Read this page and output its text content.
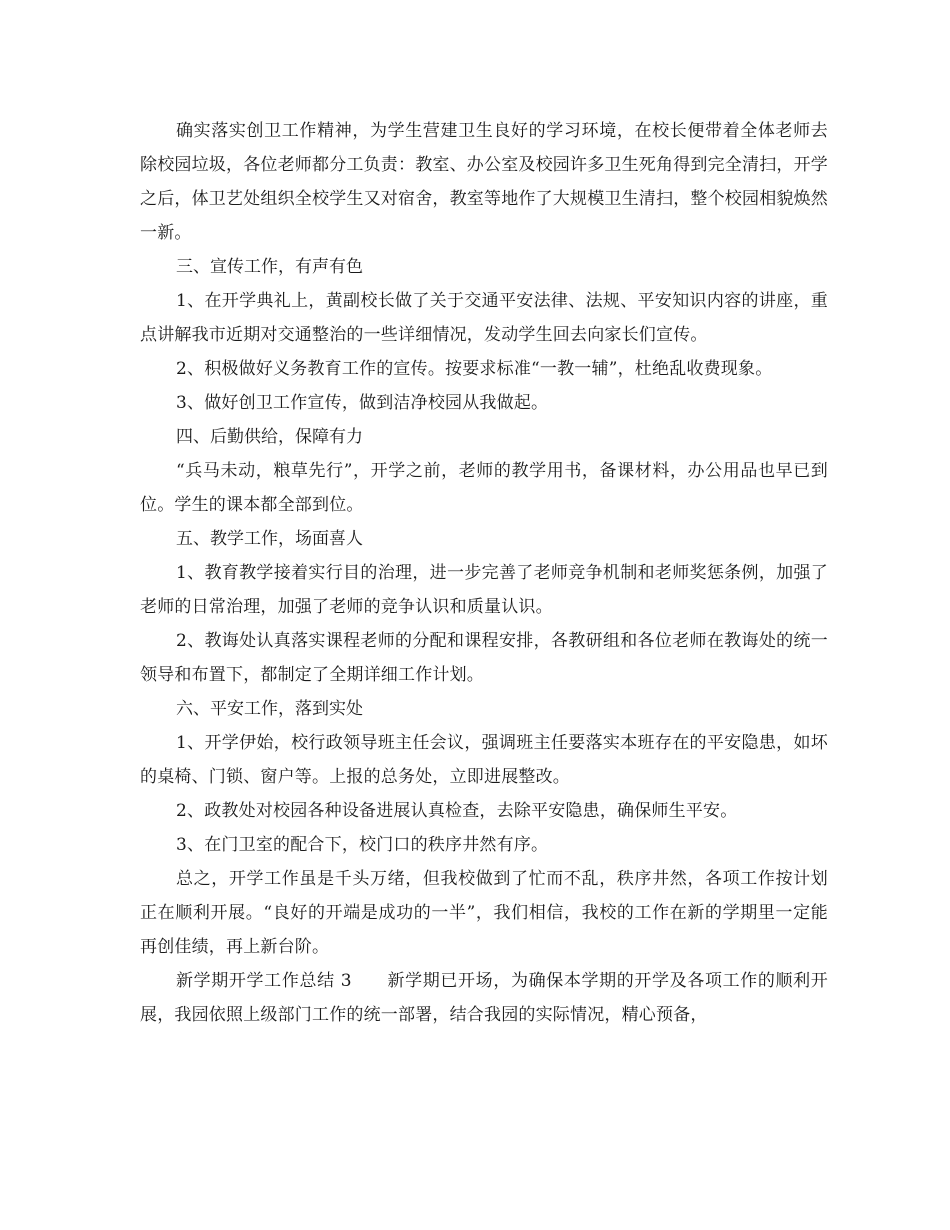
确实落实创卫工作精神，为学生营建卫生良好的学习环境，在校长便带着全体老师去除校园垃圾，各位老师都分工负责：教室、办公室及校园许多卫生死角得到完全清扫，开学之后，体卫艺处组织全校学生又对宿舍，教室等地作了大规模卫生清扫，整个校园相貌焕然一新。

三、宣传工作，有声有色

1、在开学典礼上，黄副校长做了关于交通平安法律、法规、平安知识内容的讲座，重点讲解我市近期对交通整治的一些详细情况，发动学生回去向家长们宣传。

2、积极做好义务教育工作的宣传。按要求标准“一教一辅”，杜绝乱收费现象。

3、做好创卫工作宣传，做到洁净校园从我做起。

四、后勤供给，保障有力

“兵马未动，粮草先行”，开学之前，老师的教学用书，备课材料，办公用品也早已到位。学生的课本都全部到位。

五、教学工作，场面喜人

1、教育教学接着实行目的治理，进一步完善了老师竞争机制和老师奖惩条例，加强了老师的日常治理，加强了老师的竞争认识和质量认识。

2、教诲处认真落实课程老师的分配和课程安排，各教研组和各位老师在教诲处的统一领导和布置下，都制定了全期详细工作计划。

六、平安工作，落到实处

1、开学伊始，校行政领导班主任会议，强调班主任要落实本班存在的平安隐患，如坏的桌椅、门锁、窗户等。上报的总务处，立即进展整改。

2、政教处对校园各种设备进展认真检查，去除平安隐患，确保师生平安。

3、在门卫室的配合下，校门口的秩序井然有序。

总之，开学工作虽是千头万绪，但我校做到了忙而不乱，秩序井然，各项工作按计划正在顺利开展。“良好的开端是成功的一半”，我们相信，我校的工作在新的学期里一定能再创佳绩，再上新台阶。

新学期开学工作总结 3　　新学期已开场，为确保本学期的开学及各项工作的顺利开展，我园依照上级部门工作的统一部署，结合我园的实际情况，精心预备，
